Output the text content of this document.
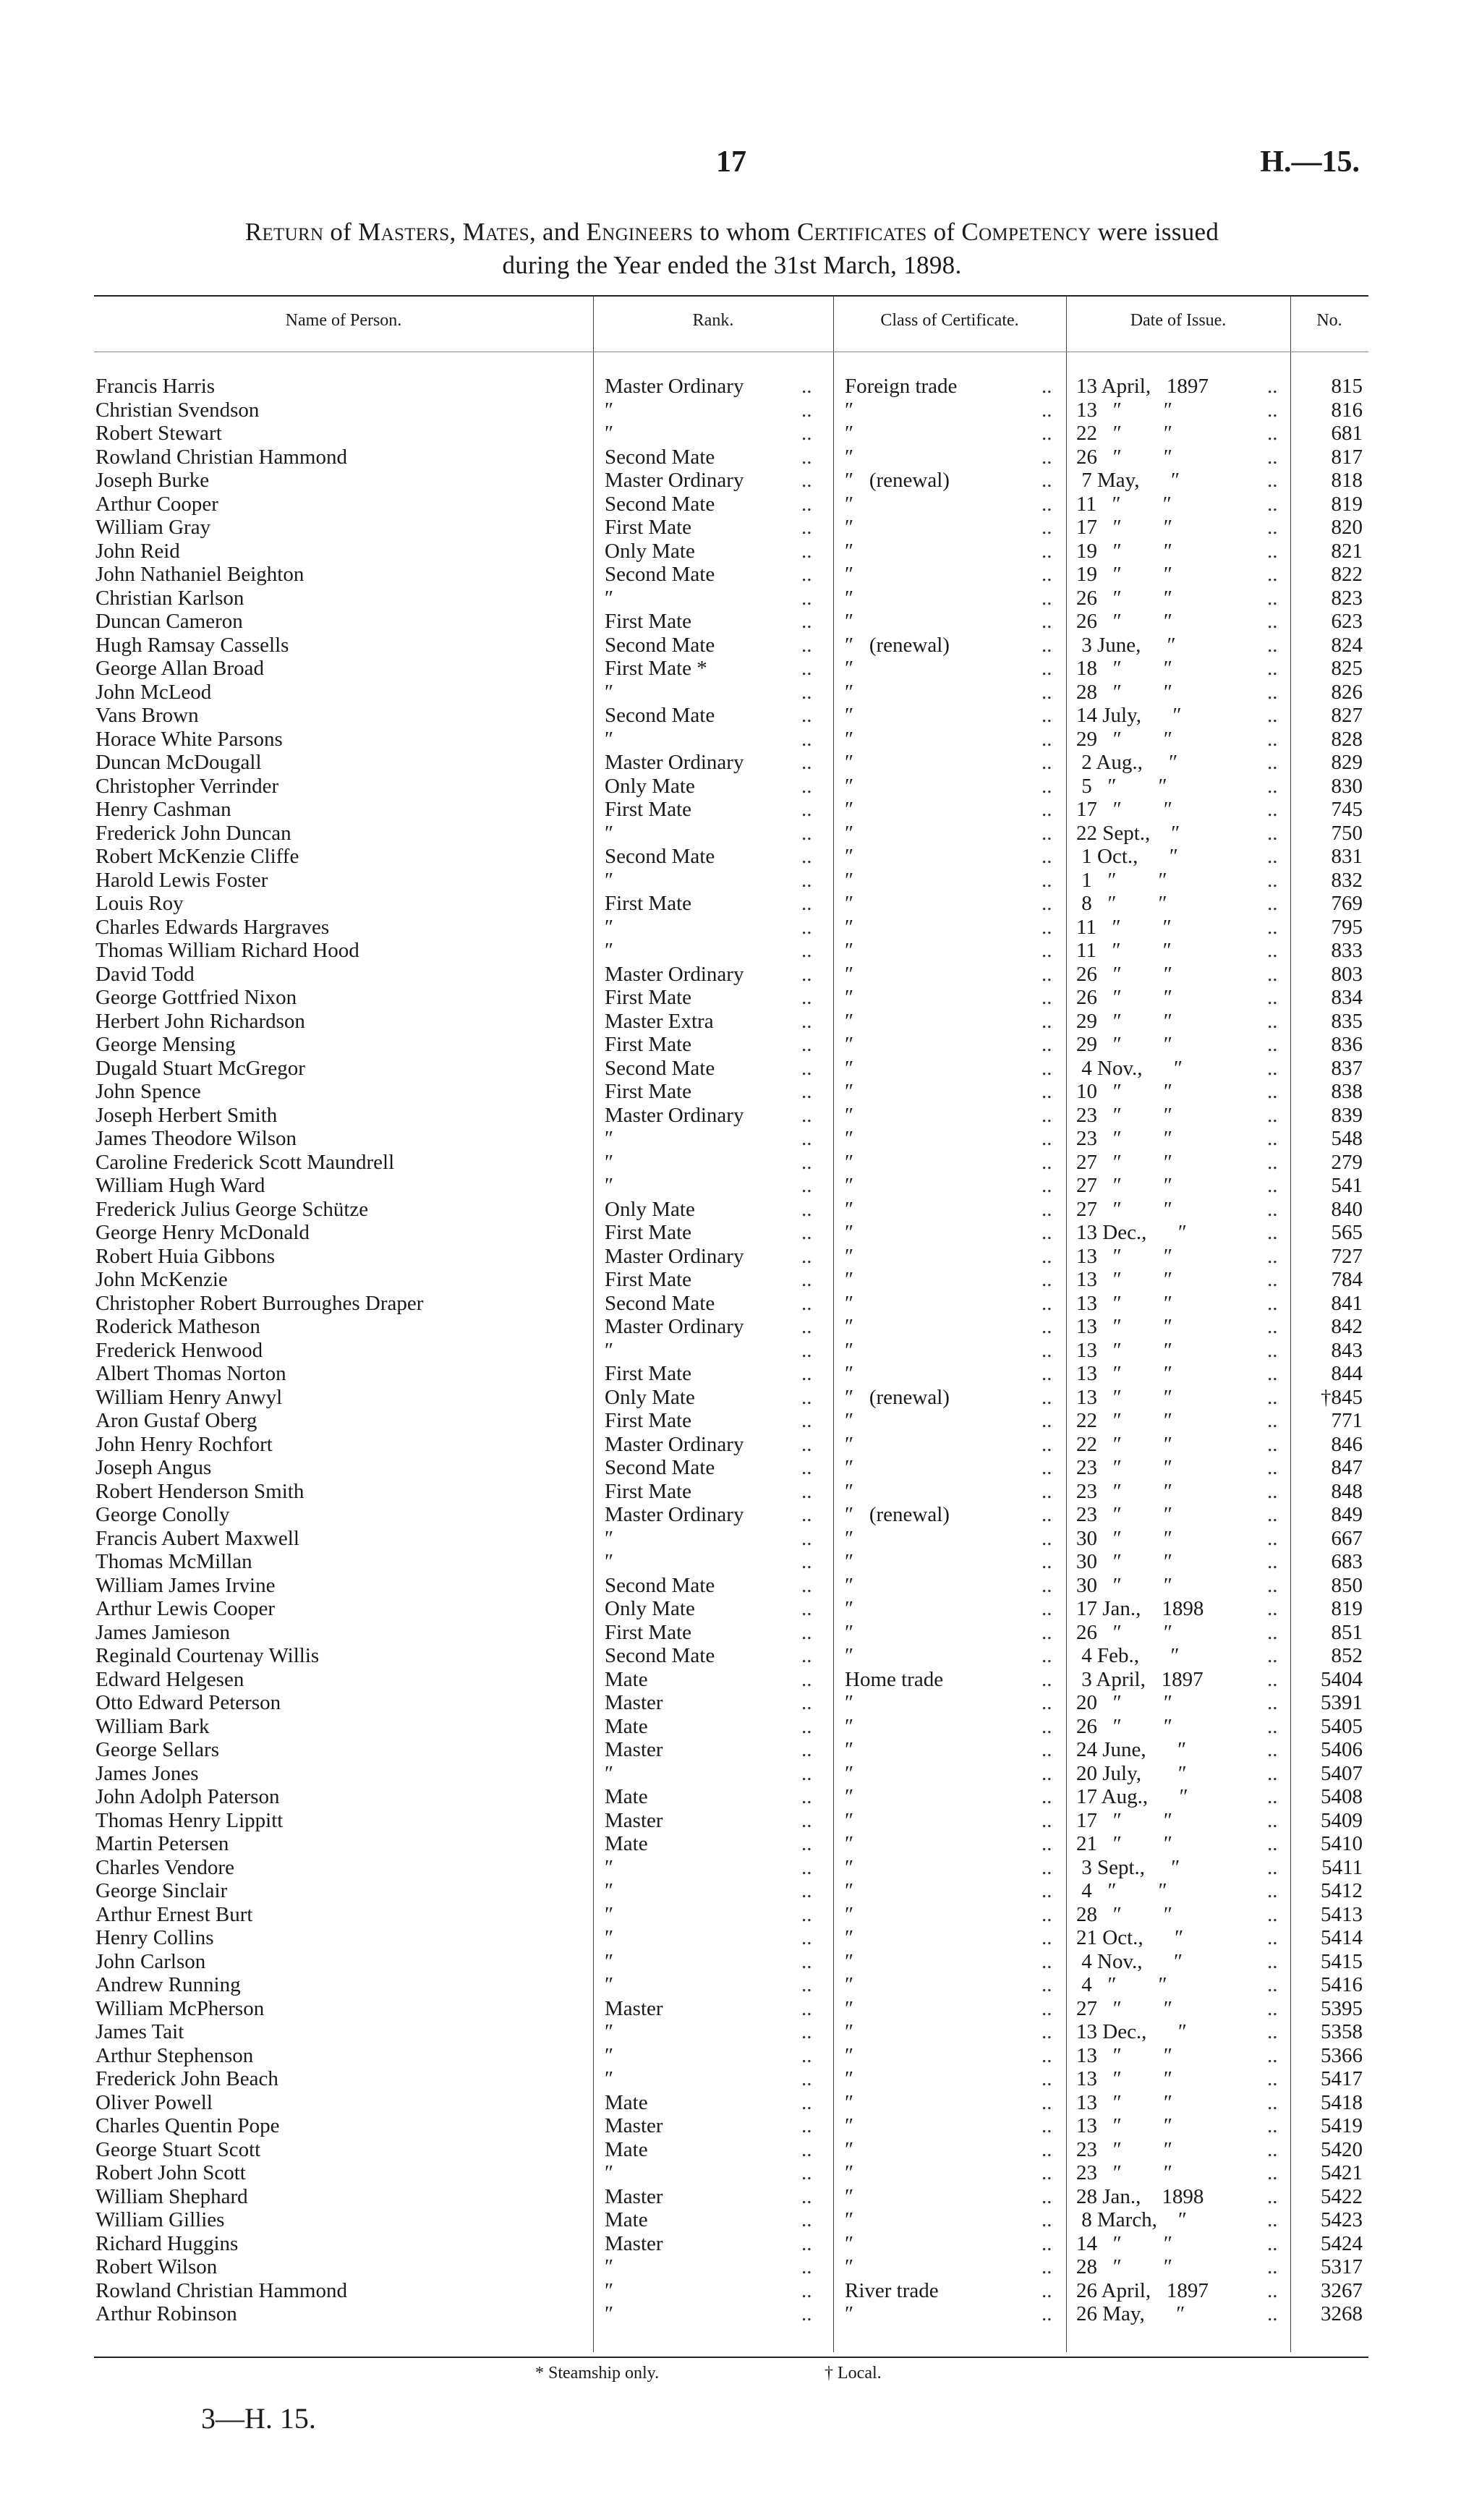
17	H.—15.
Return of Masters, Mates, and Engineers to whom Certificates of Competency were issued
during the Year ended the 31st March, 1898.
Name of Person.	Rank.	Class of Certificate.	Date of Issue.	No.
Francis Harris	Master Ordinary	Foreign trade	13 April,   1897	815
..	..	..
Christian Svendson	″	″	13   ″        ″	816
..	..	..
Robert Stewart	″	″	22   ″        ″	681
..	..	..
Rowland Christian Hammond	Second Mate	″	26   ″        ″	817
..	..	..
Joseph Burke	Master Ordinary	″   (renewal)	7 May,      ″	818
..	..	..
Arthur Cooper	Second Mate	″	11   ″        ″	819
..	..	..
William Gray	First Mate	″	17   ″        ″	820
..	..	..
John Reid	Only Mate	″	19   ″        ″	821
..	..	..
John Nathaniel Beighton	Second Mate	″	19   ″        ″	822
..	..	..
Christian Karlson	″	″	26   ″        ″	823
..	..	..
Duncan Cameron	First Mate	″	26   ″        ″	623
..	..	..
Hugh Ramsay Cassells	Second Mate	″   (renewal)	3 June,     ″	824
..	..	..
George Allan Broad	First Mate *	″	18   ″        ″	825
..	..	..
John McLeod	″	″	28   ″        ″	826
..	..	..
Vans Brown	Second Mate	″	14 July,      ″	827
..	..	..
Horace White Parsons	″	″	29   ″        ″	828
..	..	..
Duncan McDougall	Master Ordinary	″	2 Aug.,     ″	829
..	..	..
Christopher Verrinder	Only Mate	″	5   ″        ″	830
..	..	..
Henry Cashman	First Mate	″	17   ″        ″	745
..	..	..
Frederick John Duncan	″	″	22 Sept.,    ″	750
..	..	..
Robert McKenzie Cliffe	Second Mate	″	1 Oct.,      ″	831
..	..	..
Harold Lewis Foster	″	″	1   ″        ″	832
..	..	..
Louis Roy	First Mate	″	8   ″        ″	769
..	..	..
Charles Edwards Hargraves	″	″	11   ″        ″	795
..	..	..
Thomas William Richard Hood	″	″	11   ″        ″	833
..	..	..
David Todd	Master Ordinary	″	26   ″        ″	803
..	..	..
George Gottfried Nixon	First Mate	″	26   ″        ″	834
..	..	..
Herbert John Richardson	Master Extra	″	29   ″        ″	835
..	..	..
George Mensing	First Mate	″	29   ″        ″	836
..	..	..
Dugald Stuart McGregor	Second Mate	″	4 Nov.,      ″	837
..	..	..
John Spence	First Mate	″	10   ″        ″	838
..	..	..
Joseph Herbert Smith	Master Ordinary	″	23   ″        ″	839
..	..	..
James Theodore Wilson	″	″	23   ″        ″	548
..	..	..
Caroline Frederick Scott Maundrell	″	″	27   ″        ″	279
..	..	..
William Hugh Ward	″	″	27   ″        ″	541
..	..	..
Frederick Julius George Schütze	Only Mate	″	27   ″        ″	840
..	..	..
George Henry McDonald	First Mate	″	13 Dec.,      ″	565
..	..	..
Robert Huia Gibbons	Master Ordinary	″	13   ″        ″	727
..	..	..
John McKenzie	First Mate	″	13   ″        ″	784
..	..	..
Christopher Robert Burroughes Draper	Second Mate	″	13   ″        ″	841
..	..	..
Roderick Matheson	Master Ordinary	″	13   ″        ″	842
..	..	..
Frederick Henwood	″	″	13   ″        ″	843
..	..	..
Albert Thomas Norton	First Mate	″	13   ″        ″	844
..	..	..
William Henry Anwyl	Only Mate	″   (renewal)	13   ″        ″	†845
..	..	..
Aron Gustaf Oberg	First Mate	″	22   ″        ″	771
..	..	..
John Henry Rochfort	Master Ordinary	″	22   ″        ″	846
..	..	..
Joseph Angus	Second Mate	″	23   ″        ″	847
..	..	..
Robert Henderson Smith	First Mate	″	23   ″        ″	848
..	..	..
George Conolly	Master Ordinary	″   (renewal)	23   ″        ″	849
..	..	..
Francis Aubert Maxwell	″	″	30   ″        ″	667
..	..	..
Thomas McMillan	″	″	30   ″        ″	683
..	..	..
William James Irvine	Second Mate	″	30   ″        ″	850
..	..	..
Arthur Lewis Cooper	Only Mate	″	17 Jan.,    1898	819
..	..	..
James Jamieson	First Mate	″	26   ″        ″	851
..	..	..
Reginald Courtenay Willis	Second Mate	″	4 Feb.,      ″	852
..	..	..
Edward Helgesen	Mate	Home trade	3 April,   1897	5404
..	..	..
Otto Edward Peterson	Master	″	20   ″        ″	5391
..	..	..
William Bark	Mate	″	26   ″        ″	5405
..	..	..
George Sellars	Master	″	24 June,      ″	5406
..	..	..
James Jones	″	″	20 July,       ″	5407
..	..	..
John Adolph Paterson	Mate	″	17 Aug.,      ″	5408
..	..	..
Thomas Henry Lippitt	Master	″	17   ″        ″	5409
..	..	..
Martin Petersen	Mate	″	21   ″        ″	5410
..	..	..
Charles Vendore	″	″	3 Sept.,     ″	5411
..	..	..
George Sinclair	″	″	4   ″        ″	5412
..	..	..
Arthur Ernest Burt	″	″	28   ″        ″	5413
..	..	..
Henry Collins	″	″	21 Oct.,      ″	5414
..	..	..
John Carlson	″	″	4 Nov.,      ″	5415
..	..	..
Andrew Running	″	″	4   ″        ″	5416
..	..	..
William McPherson	Master	″	27   ″        ″	5395
..	..	..
James Tait	″	″	13 Dec.,      ″	5358
..	..	..
Arthur Stephenson	″	″	13   ″        ″	5366
..	..	..
Frederick John Beach	″	″	13   ″        ″	5417
..	..	..
Oliver Powell	Mate	″	13   ″        ″	5418
..	..	..
Charles Quentin Pope	Master	″	13   ″        ″	5419
..	..	..
George Stuart Scott	Mate	″	23   ″        ″	5420
..	..	..
Robert John Scott	″	″	23   ″        ″	5421
..	..	..
William Shephard	Master	″	28 Jan.,    1898	5422
..	..	..
William Gillies	Mate	″	8 March,    ″	5423
..	..	..
Richard Huggins	Master	″	14   ″        ″	5424
..	..	..
Robert Wilson	″	″	28   ″        ″	5317
..	..	..
Rowland Christian Hammond	″	River trade	26 April,   1897	3267
..	..	..
Arthur Robinson	″	″	26 May,      ″	3268
..	..	..
* Steamship only.	† Local.
3—H. 15.
